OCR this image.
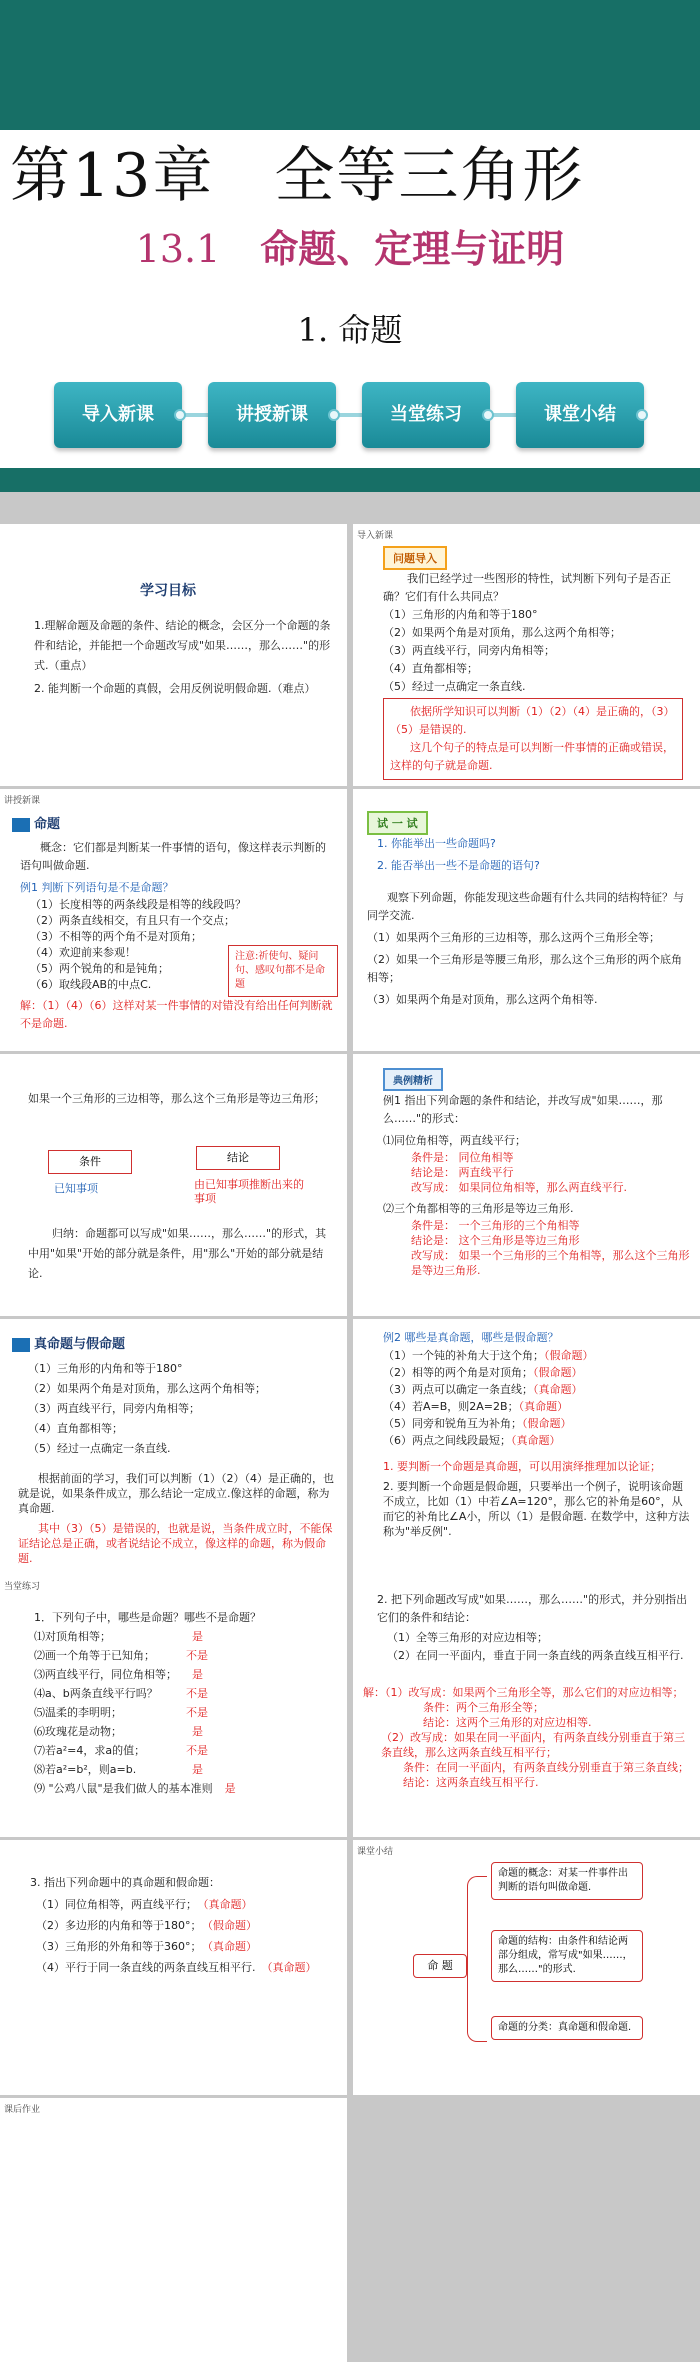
第13章 全等三角形
13.1 命题、定理与证明
1. 命题
导入新课	讲授新课	当堂练习	课堂小结
学习目标
1.理解命题及命题的条件、结论的概念，会区分一个命题的条件和结论，并能把一个命题改写成"如果……，那么……"的形式.（重点）
2. 能判断一个命题的真假，会用反例说明假命题.（难点）
导入新课
问题导入
我们已经学过一些图形的特性，试判断下列句子是否正确？它们有什么共同点？
（1）三角形的内角和等于180°
（2）如果两个角是对顶角，那么这两个角相等；
（3）两直线平行，同旁内角相等；
（4）直角都相等；
（5）经过一点确定一条直线.
依据所学知识可以判断（1）（2）（4）是正确的，（3）（5）是错误的.
这几个句子的特点是可以判断一件事情的正确或错误，这样的句子就是命题.
讲授新课
命题
概念：它们都是判断某一件事情的语句，像这样表示判断的语句叫做命题.
例1 判断下列语句是不是命题？
（1）长度相等的两条线段是相等的线段吗？
（2）两条直线相交，有且只有一个交点；
（3）不相等的两个角不是对顶角；
（4）欢迎前来参观！
（5）两个锐角的和是钝角；
（6）取线段AB的中点C.
注意:祈使句、疑问句、感叹句都不是命题
解：（1）（4）（6）这样对某一件事情的对错没有给出任何判断就不是命题.
试 一 试
1. 你能举出一些命题吗?
2. 能否举出一些不是命题的语句?
观察下列命题，你能发现这些命题有什么共同的结构特征？与同学交流.
（1）如果两个三角形的三边相等，那么这两个三角形全等；
（2）如果一个三角形是等腰三角形，那么这个三角形的两个底角相等；
（3）如果两个角是对顶角，那么这两个角相等.
如果一个三角形的三边相等，那么这个三角形是等边三角形；
条件	结论
已知事项	由已知事项推断出来的事项
归纳：命题都可以写成"如果……，那么……"的形式，其中用"如果"开始的部分就是条件，用"那么"开始的部分就是结论.
典例精析
例1 指出下列命题的条件和结论，并改写成"如果……，那么……"的形式：
⑴同位角相等，两直线平行；
条件是： 同位角相等
结论是： 两直线平行
改写成： 如果同位角相等，那么两直线平行.
⑵三个角都相等的三角形是等边三角形.
条件是： 一个三角形的三个角相等
结论是： 这个三角形是等边三角形
改写成： 如果一个三角形的三个角相等，那么这个三角形是等边三角形.
真命题与假命题
（1）三角形的内角和等于180°
（2）如果两个角是对顶角，那么这两个角相等；
（3）两直线平行，同旁内角相等；
（4）直角都相等；
（5）经过一点确定一条直线.
根据前面的学习，我们可以判断（1）（2）（4）是正确的，也就是说，如果条件成立，那么结论一定成立.像这样的命题，称为真命题.
其中（3）（5）是错误的，也就是说，当条件成立时，不能保证结论总是正确，或者说结论不成立，像这样的命题，称为假命题.
例2 哪些是真命题，哪些是假命题？
（1）一个钝的补角大于这个角；（假命题）
（2）相等的两个角是对顶角；（假命题）
（3）两点可以确定一条直线；（真命题）
（4）若A=B，则2A=2B；（真命题）
（5）同旁和锐角互为补角；（假命题）
（6）两点之间线段最短；（真命题）
1. 要判断一个命题是真命题，可以用演绎推理加以论证；
2. 要判断一个命题是假命题，只要举出一个例子，说明该命题不成立，比如（1）中若∠A=120°，那么它的补角是60°，从而它的补角比∠A小，所以（1）是假命题. 在数学中，这种方法称为"举反例".
当堂练习
1．下列句子中，哪些是命题？哪些不是命题？
⑴对顶角相等；	是
⑵画一个角等于已知角；	不是
⑶两直线平行，同位角相等； 是
⑷a、b两条直线平行吗？	不是
⑸温柔的李明明；	不是
⑹玫瑰花是动物；	是
⑺若a²=4，求a的值；	不是
⑻若a²=b²，则a=b.	是
⑼ "公鸡八鼠"是我们做人的基本准则 是
2. 把下列命题改写成"如果……，那么……"的形式，并分别指出它们的条件和结论：
（1）全等三角形的对应边相等；
（2）在同一平面内，垂直于同一条直线的两条直线互相平行.
解：（1）改写成：如果两个三角形全等，那么它们的对应边相等；
条件：两个三角形全等；
结论：这两个三角形的对应边相等.
（2）改写成：如果在同一平面内，有两条直线分别垂直于第三条直线，那么这两条直线互相平行；
条件：在同一平面内，有两条直线分别垂直于第三条直线；
结论：这两条直线互相平行.
3. 指出下列命题中的真命题和假命题：
（1）同位角相等，两直线平行； （真命题）
（2）多边形的内角和等于180°； （假命题）
（3）三角形的外角和等于360°； （真命题）
（4）平行于同一条直线的两条直线互相平行. （真命题）
课堂小结
命 题
命题的概念：对某一件事件出判断的语句叫做命题.
命题的结构：由条件和结论两部分组成，常写成"如果……，那么……"的形式.
命题的分类：真命题和假命题.
课后作业
